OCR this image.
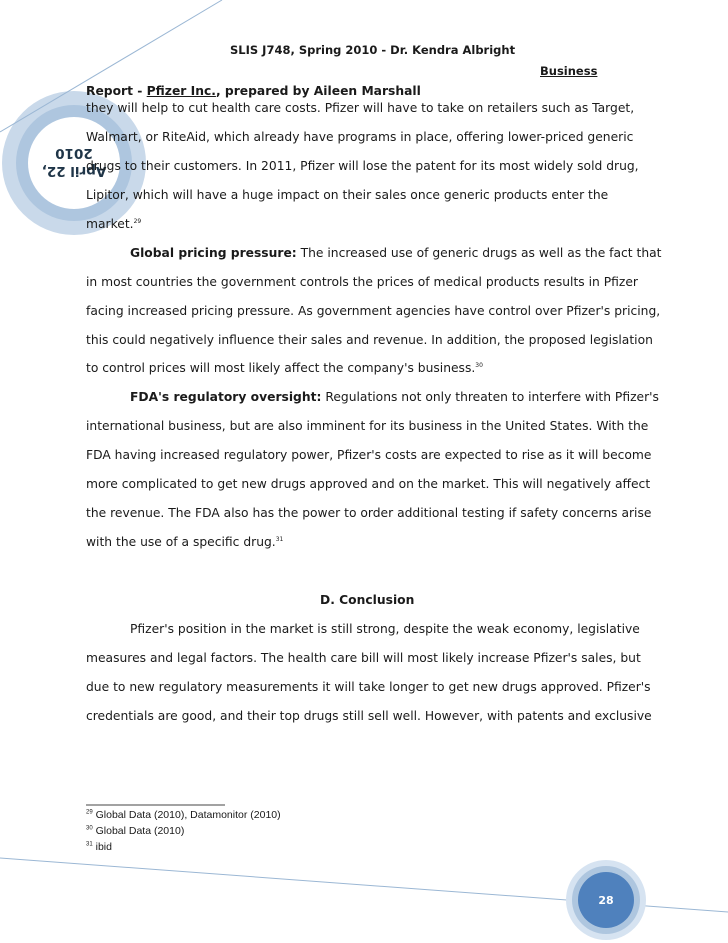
April 22,
2010
SLIS J748, Spring 2010 - Dr. Kendra Albright
Business
Report - Pfizer Inc., prepared by Aileen Marshall
they will help to cut health care costs. Pfizer will have to take on retailers such as Target,
Walmart, or RiteAid, which already have programs in place, offering lower-priced generic
drugs to their customers. In 2011, Pfizer will lose the patent for its most widely sold drug,
Lipitor, which will have a huge impact on their sales once generic products enter the
market.$^{29}$
Global pricing pressure: The increased use of generic drugs as well as the fact that
in most countries the government controls the prices of medical products results in Pfizer
facing increased pricing pressure. As government agencies have control over Pfizer's pricing,
this could negatively influence their sales and revenue. In addition, the proposed legislation
to control prices will most likely affect the company's business.$^{30}$
FDA's regulatory oversight: Regulations not only threaten to interfere with Pfizer's
international business, but are also imminent for its business in the United States. With the
FDA having increased regulatory power, Pfizer's costs are expected to rise as it will become
more complicated to get new drugs approved and on the market. This will negatively affect
the revenue. The FDA also has the power to order additional testing if safety concerns arise
with the use of a specific drug.$^{31}$
D. Conclusion
Pfizer's position in the market is still strong, despite the weak economy, legislative
measures and legal factors. The health care bill will most likely increase Pfizer's sales, but
due to new regulatory measurements it will take longer to get new drugs approved. Pfizer's
credentials are good, and their top drugs still sell well. However, with patents and exclusive
$^{29}$ Global Data (2010), Datamonitor (2010)
$^{30}$ Global Data (2010)
$^{31}$ ibid
28
